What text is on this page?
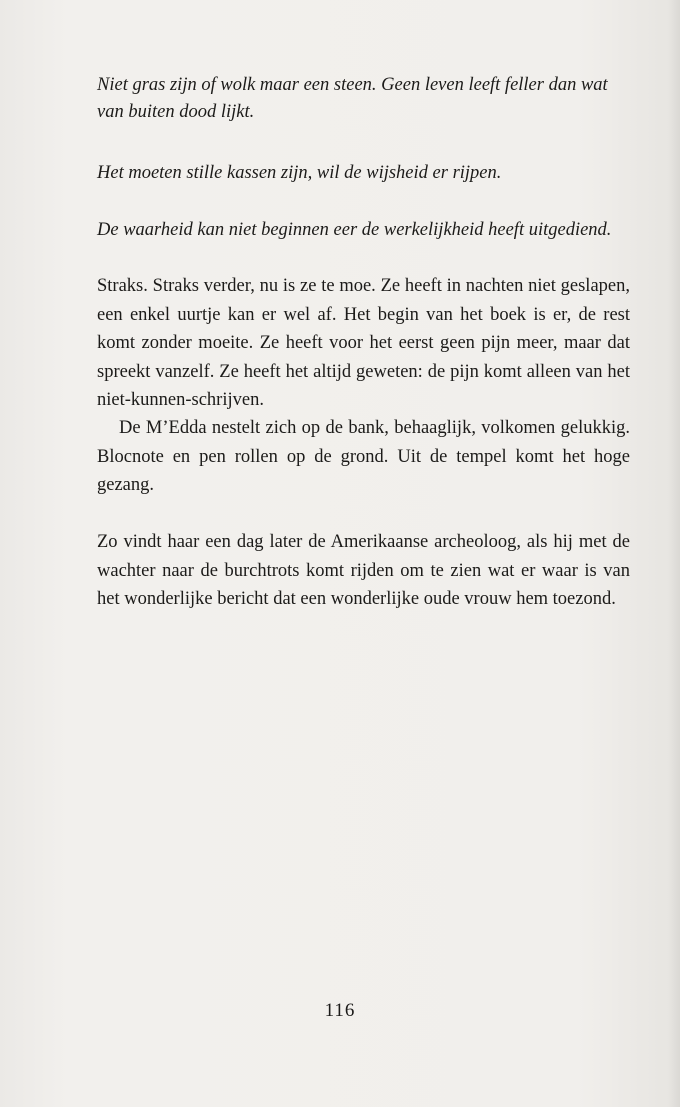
Niet gras zijn of wolk maar een steen. Geen leven leeft feller dan wat van buiten dood lijkt.

Het moeten stille kassen zijn, wil de wijsheid er rijpen.

De waarheid kan niet beginnen eer de werkelijkheid heeft uitgediend.

Straks. Straks verder, nu is ze te moe. Ze heeft in nachten niet geslapen, een enkel uurtje kan er wel af. Het begin van het boek is er, de rest komt zonder moeite. Ze heeft voor het eerst geen pijn meer, maar dat spreekt vanzelf. Ze heeft het altijd geweten: de pijn komt alleen van het niet-kunnen-schrijven.

De M’Edda nestelt zich op de bank, behaaglijk, volkomen gelukkig. Blocnote en pen rollen op de grond. Uit de tempel komt het hoge gezang.

Zo vindt haar een dag later de Amerikaanse archeoloog, als hij met de wachter naar de burchtrots komt rijden om te zien wat er waar is van het wonderlijke bericht dat een wonderlijke oude vrouw hem toezond.

116
